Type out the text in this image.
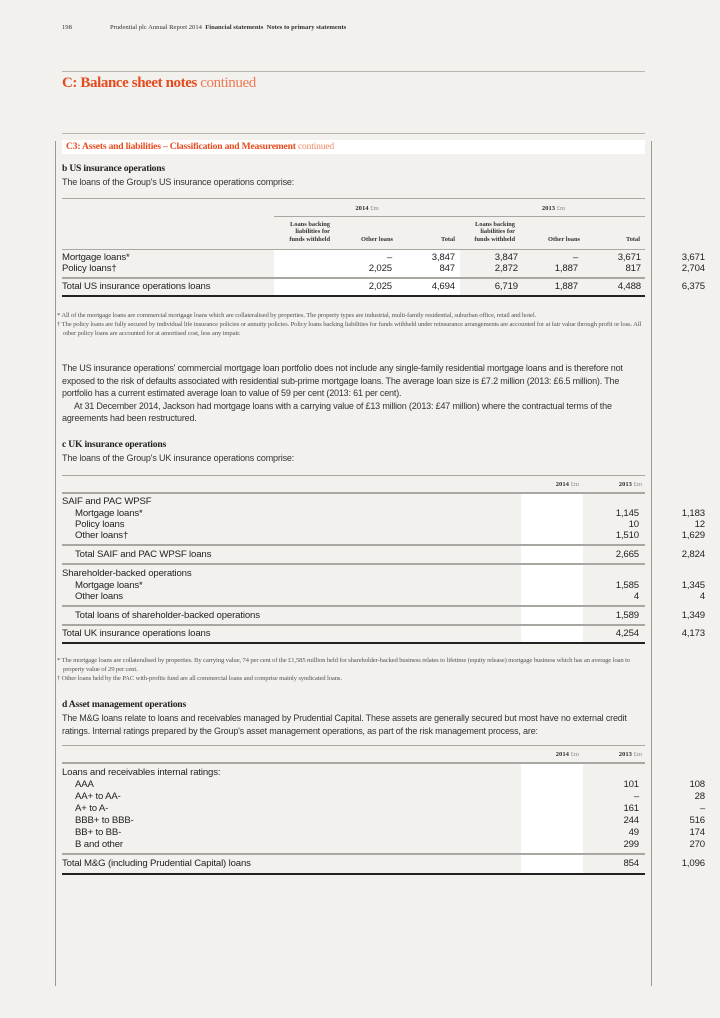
198	Prudential plc Annual Report 2014 Financial statements Notes to primary statements
C: Balance sheet notes continued
C3: Assets and liabilities – Classification and Measurement continued
b US insurance operations
The loans of the Group's US insurance operations comprise:
2014 £m	2013 £m
Loans backing
liabilities for
funds withheld	Other loans	Total
Loans backing
liabilities for
funds withheld	Other loans	Total
Mortgage loans*	–	3,847	3,847	–	3,671	3,671
Policy loans†	2,025	847	2,872	1,887	817	2,704
Total US insurance operations loans	2,025	4,694	6,719	1,887	4,488	6,375
* All of the mortgage loans are commercial mortgage loans which are collateralised by properties. The property types are industrial, multi-family residential, suburban office, retail and hotel.
† The policy loans are fully secured by individual life insurance policies or annuity policies. Policy loans backing liabilities for funds withheld under reinsurance arrangements are accounted for at fair value through profit or loss. All other policy loans are accounted for at amortised cost, less any impair.

The US insurance operations' commercial mortgage loan portfolio does not include any single-family residential mortgage loans and is therefore not exposed to the risk of defaults associated with residential sub-prime mortgage loans. The average loan size is £7.2 million (2013: £6.5 million). The portfolio has a current estimated average loan to value of 59 per cent (2013: 61 per cent).

At 31 December 2014, Jackson had mortgage loans with a carrying value of £13 million (2013: £47 million) where the contractual terms of the agreements had been restructured.

c UK insurance operations
The loans of the Group's UK insurance operations comprise:
2014 £m	2013 £m
SAIF and PAC WPSF
Mortgage loans*	1,145	1,183
Policy loans	10	12
Other loans†	1,510	1,629
Total SAIF and PAC WPSF loans	2,665	2,824
Shareholder-backed operations
Mortgage loans*	1,585	1,345
Other loans	4	4
Total loans of shareholder-backed operations	1,589	1,349
Total UK insurance operations loans	4,254	4,173
* The mortgage loans are collateralised by properties. By carrying value, 74 per cent of the £1,585 million held for shareholder-backed business relates to lifetime (equity release) mortgage business which has an average loan to property value of 29 per cent.
† Other loans held by the PAC with-profits fund are all commercial loans and comprise mainly syndicated loans.
d Asset management operations

The M&G loans relate to loans and receivables managed by Prudential Capital. These assets are generally secured but most have no external credit ratings. Internal ratings prepared by the Group's asset management operations, as part of the risk management process, are:

2014 £m	2013 £m
Loans and receivables internal ratings:
AAA	101	108
AA+ to AA-	–	28
A+ to A-	161	–
BBB+ to BBB-	244	516
BB+ to BB-	49	174
B and other	299	270
Total M&G (including Prudential Capital) loans	854	1,096
